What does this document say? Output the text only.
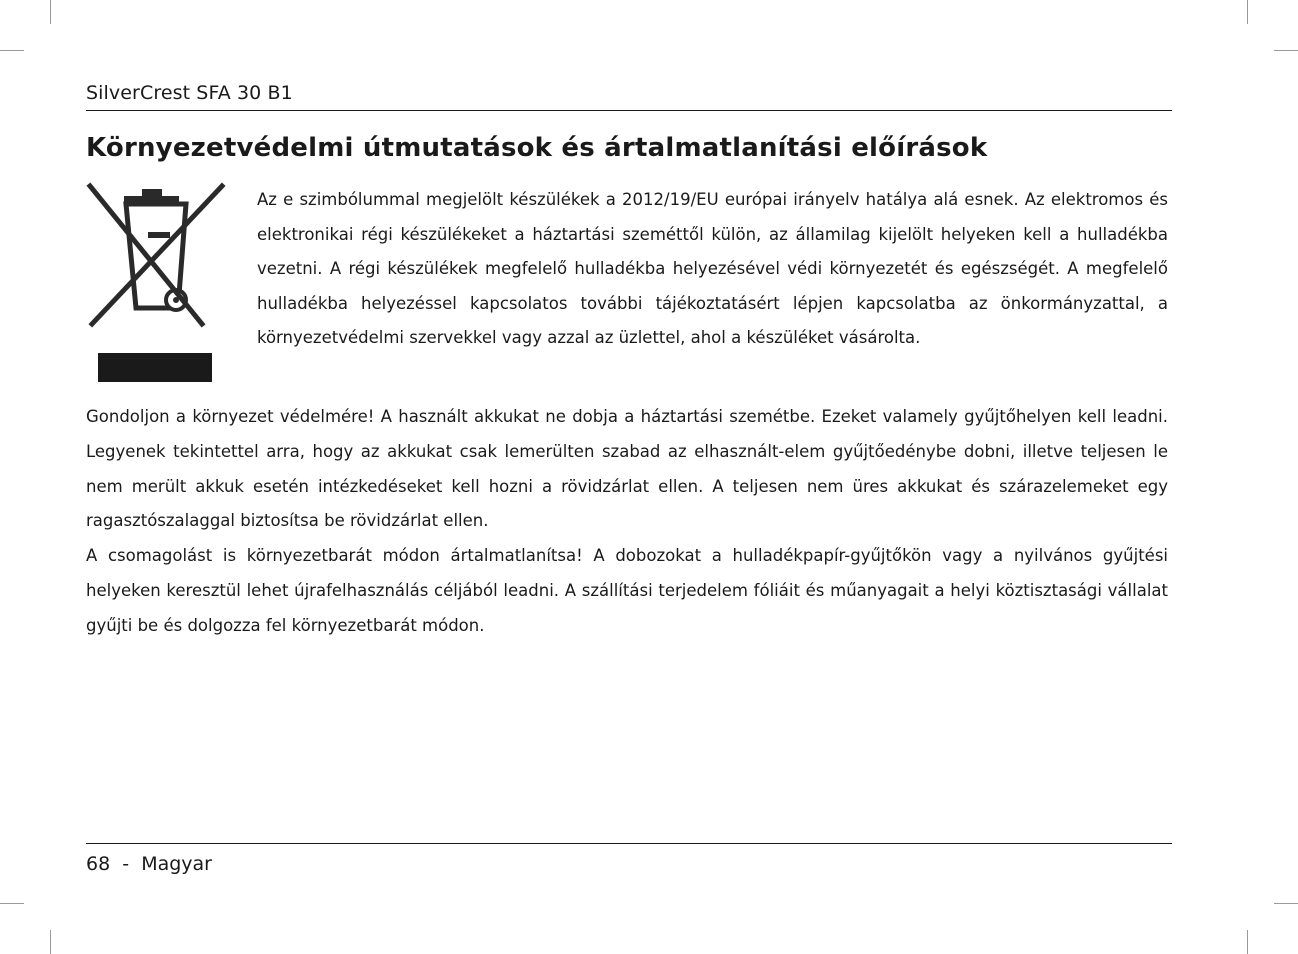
SilverCrest SFA 30 B1
Környezetvédelmi útmutatások és ártalmatlanítási előírások

Az e szimbólummal megjelölt készülékek a 2012/19/EU európai irányelv hatálya alá esnek. Az elektromos és elektronikai régi készülékeket a háztartási szeméttől külön, az államilag kijelölt helyeken kell a hulladékba vezetni. A régi készülékek megfelelő hulladékba helyezésével védi környezetét és egészségét. A megfelelő hulladékba helyezéssel kapcsolatos további tájékoztatásért lépjen kapcsolatba az önkormányzattal, a környezetvédelmi szervekkel vagy azzal az üzlettel, ahol a készüléket vásárolta.

Gondoljon a környezet védelmére! A használt akkukat ne dobja a háztartási szemétbe. Ezeket valamely gyűjtőhelyen kell leadni. Legyenek tekintettel arra, hogy az akkukat csak lemerülten szabad az elhasznált-elem gyűjtőedénybe dobni, illetve teljesen le nem merült akkuk esetén intézkedéseket kell hozni a rövidzárlat ellen. A teljesen nem üres akkukat és szárazelemeket egy ragasztószalaggal biztosítsa be rövidzárlat ellen.

A csomagolást is környezetbarát módon ártalmatlanítsa! A dobozokat a hulladékpapír-gyűjtőkön vagy a nyilvános gyűjtési helyeken keresztül lehet újrafelhasználás céljából leadni. A szállítási terjedelem fóliáit és műanyagait a helyi köztisztasági vállalat gyűjti be és dolgozza fel környezetbarát módon.

68  -  Magyar
